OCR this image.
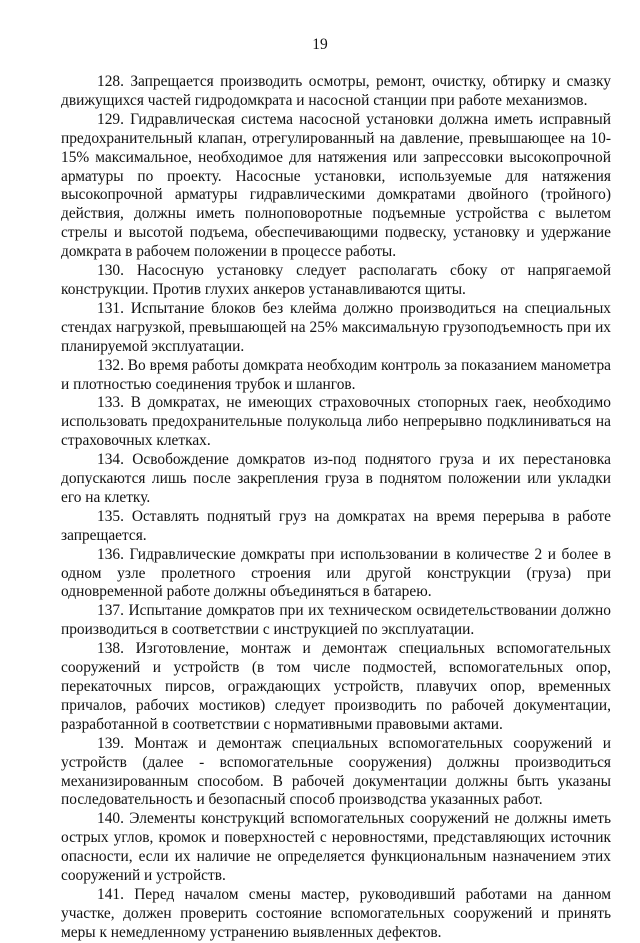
19

128. Запрещается производить осмотры, ремонт, очистку, обтирку и смазку движущихся частей гидродомкрата и насосной станции при работе механизмов.

129. Гидравлическая система насосной установки должна иметь исправный предохранительный клапан, отрегулированный на давление, превышающее на 10-15% максимальное, необходимое для натяжения или запрессовки высокопрочной арматуры по проекту. Насосные установки, используемые для натяжения высокопрочной арматуры гидравлическими домкратами двойного (тройного) действия, должны иметь полноповоротные подъемные устройства с вылетом стрелы и высотой подъема, обеспечивающими подвеску, установку и удержание домкрата в рабочем положении в процессе работы.

130. Насосную установку следует располагать сбоку от напрягаемой конструкции. Против глухих анкеров устанавливаются щиты.

131. Испытание блоков без клейма должно производиться на специальных стендах нагрузкой, превышающей на 25% максимальную грузоподъемность при их планируемой эксплуатации.

132. Во время работы домкрата необходим контроль за показанием манометра и плотностью соединения трубок и шлангов.

133. В домкратах, не имеющих страховочных стопорных гаек, необходимо использовать предохранительные полукольца либо непрерывно подклиниваться на страховочных клетках.

134. Освобождение домкратов из-под поднятого груза и их перестановка допускаются лишь после закрепления груза в поднятом положении или укладки его на клетку.

135. Оставлять поднятый груз на домкратах на время перерыва в работе запрещается.

136. Гидравлические домкраты при использовании в количестве 2 и более в одном узле пролетного строения или другой конструкции (груза) при одновременной работе должны объединяться в батарею.

137. Испытание домкратов при их техническом освидетельствовании должно производиться в соответствии с инструкцией по эксплуатации.

138. Изготовление, монтаж и демонтаж специальных вспомогательных сооружений и устройств (в том числе подмостей, вспомогательных опор, перекаточных пирсов, ограждающих устройств, плавучих опор, временных причалов, рабочих мостиков) следует производить по рабочей документации, разработанной в соответствии с нормативными правовыми актами.

139. Монтаж и демонтаж специальных вспомогательных сооружений и устройств (далее - вспомогательные сооружения) должны производиться механизированным способом. В рабочей документации должны быть указаны последовательность и безопасный способ производства указанных работ.

140. Элементы конструкций вспомогательных сооружений не должны иметь острых углов, кромок и поверхностей с неровностями, представляющих источник опасности, если их наличие не определяется функциональным назначением этих сооружений и устройств.

141. Перед началом смены мастер, руководивший работами на данном участке, должен проверить состояние вспомогательных сооружений и принять меры к немедленному устранению выявленных дефектов.
